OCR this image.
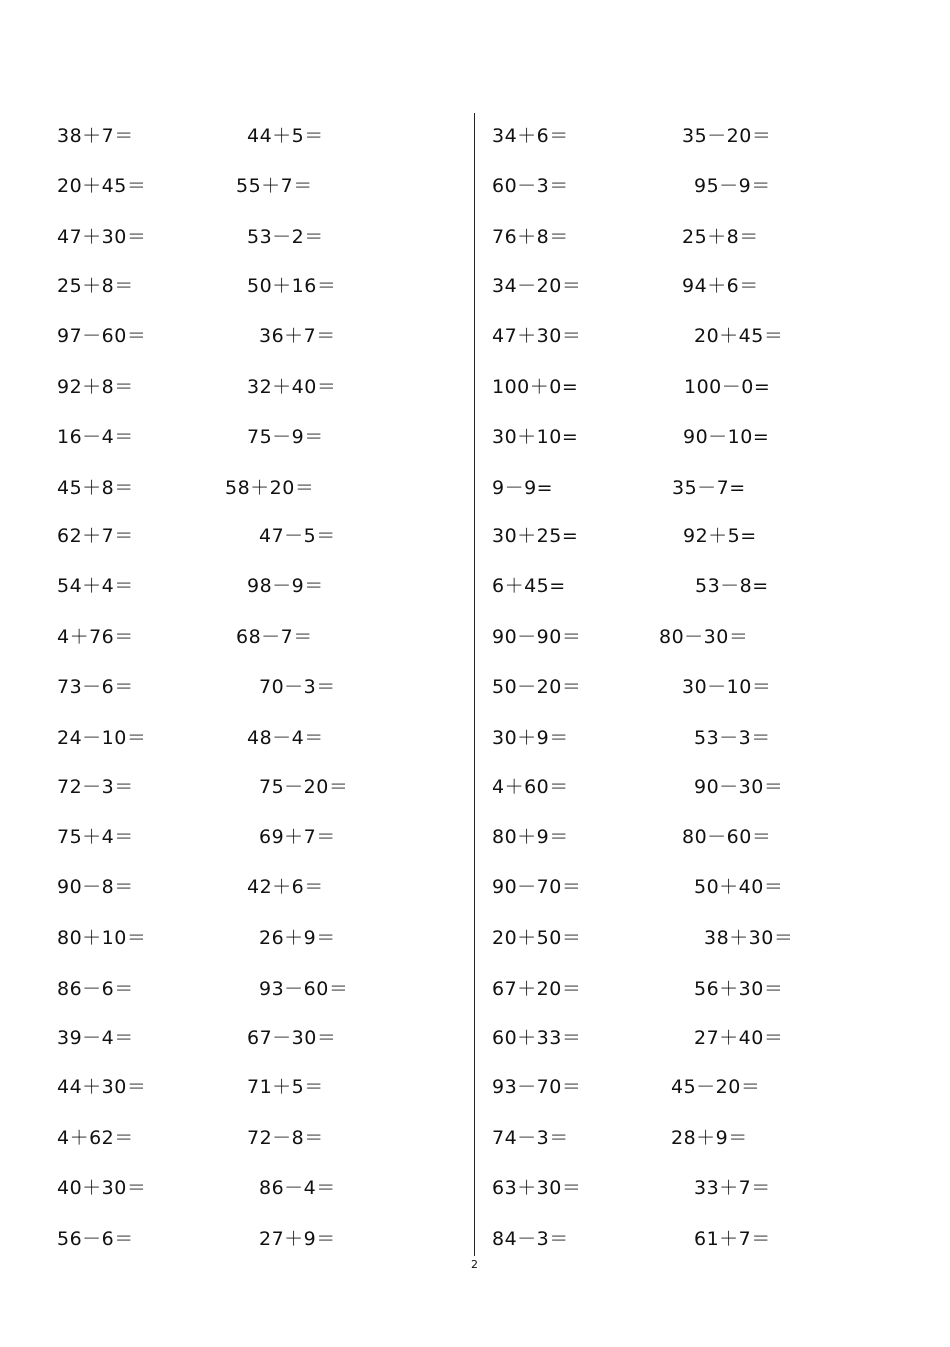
38＋7＝	44＋5＝
20＋45＝	55＋7＝
47＋30＝	53－2＝
25＋8＝	50＋16＝
97－60＝	36＋7＝
92＋8＝	32＋40＝
16－4＝	75－9＝
45＋8＝	58＋20＝
62＋7＝	47－5＝
54＋4＝	98－9＝
4＋76＝	68－7＝
73－6＝	70－3＝
24－10＝	48－4＝
72－3＝	75－20＝
75＋4＝	69＋7＝
90－8＝	42＋6＝
80＋10＝	26＋9＝
86－6＝	93－60＝
39－4＝	67－30＝
44＋30＝	71＋5＝
4＋62＝	72－8＝
40＋30＝	86－4＝
56－6＝	27＋9＝
34＋6＝	35－20＝
60－3＝	95－9＝
76＋8＝	25＋8＝
34－20＝	94＋6＝
47＋30＝	20＋45＝
100＋0=	100－0=
30＋10=	90－10=
9－9=	35－7=
30＋25=	92＋5=
6＋45=	53－8=
90－90＝	80－30＝
50－20＝	30－10＝
30＋9＝	53－3＝
4＋60＝	90－30＝
80＋9＝	80－60＝
90－70＝	50＋40＝
20＋50＝	38＋30＝
67＋20＝	56＋30＝
60＋33＝	27＋40＝
93－70＝	45－20＝
74－3＝	28＋9＝
63＋30＝	33＋7＝
84－3＝	61＋7＝
2
